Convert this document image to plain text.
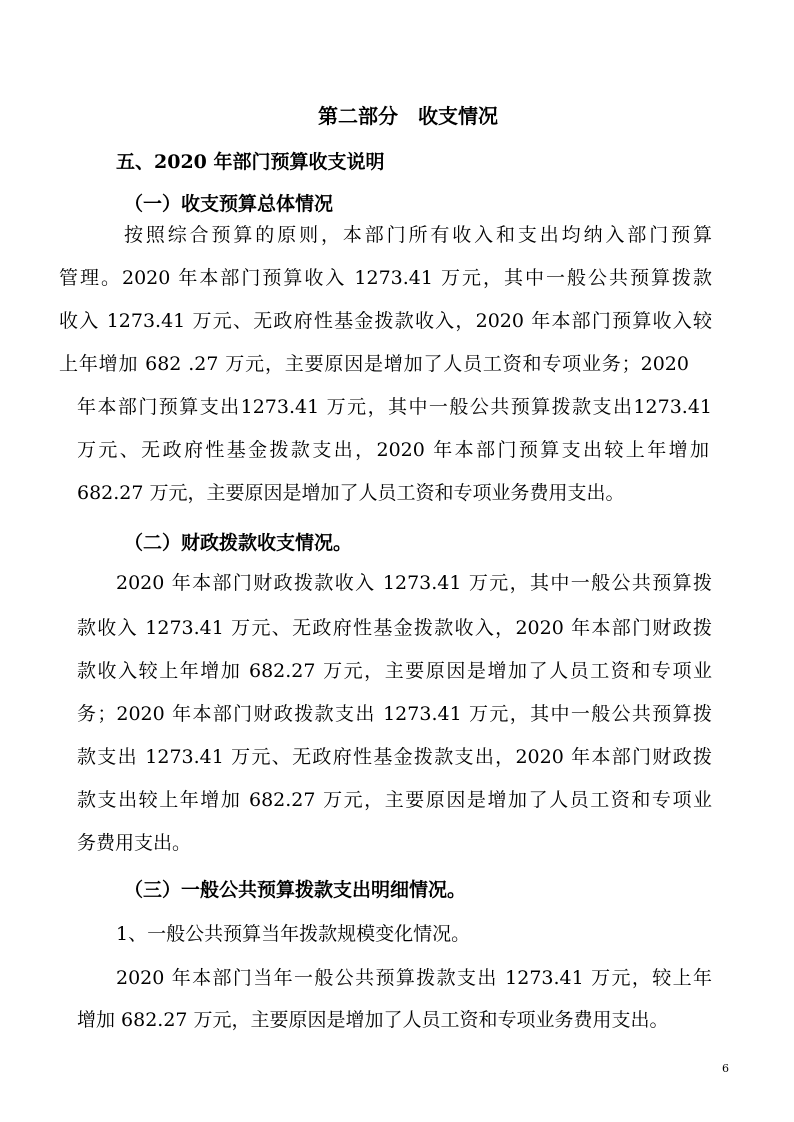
第二部分　收支情况
五、2020 年部门预算收支说明
（一）收支预算总体情况

按照综合预算的原则，本部门所有收入和支出均纳入部门预算

管理。2020 年本部门预算收入 1273.41 万元，其中一般公共预算拨款

收入 1273.41 万元、无政府性基金拨款收入，2020 年本部门预算收入较

上年增加 682 .27 万元，主要原因是增加了人员工资和专项业务；2020

年本部门预算支出1273.41 万元，其中一般公共预算拨款支出1273.41

万元、无政府性基金拨款支出，2020 年本部门预算支出较上年增加

682.27 万元，主要原因是增加了人员工资和专项业务费用支出。

（二）财政拨款收支情况。

2020 年本部门财政拨款收入 1273.41 万元，其中一般公共预算拨

款收入 1273.41 万元、无政府性基金拨款收入，2020 年本部门财政拨

款收入较上年增加 682.27 万元，主要原因是增加了人员工资和专项业

务；2020 年本部门财政拨款支出 1273.41 万元，其中一般公共预算拨

款支出 1273.41 万元、无政府性基金拨款支出，2020 年本部门财政拨

款支出较上年增加 682.27 万元，主要原因是增加了人员工资和专项业

务费用支出。

（三）一般公共预算拨款支出明细情况。
1、一般公共预算当年拨款规模变化情况。

2020 年本部门当年一般公共预算拨款支出 1273.41 万元，较上年

增加 682.27 万元，主要原因是增加了人员工资和专项业务费用支出。

6
